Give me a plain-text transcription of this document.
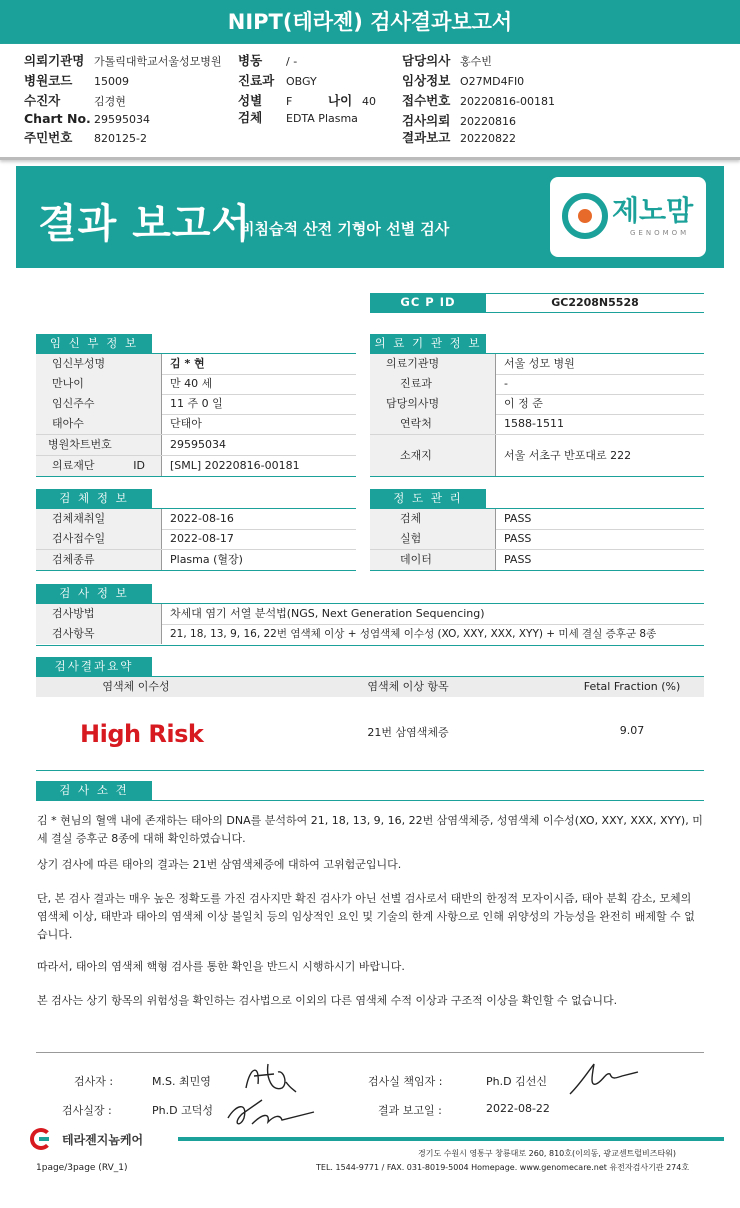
NIPT(테라젠) 검사결과보고서
의뢰기관명 가톨릭대학교서울성모병원 병동 / -	담당의사 홍수빈
병원코드 15009	진료과 OBGY	임상정보 O27MD4FI0
수진자	김경현	성별 F	나이 40 접수번호 20220816-00181
Chart No. 29595034	검체 EDTA Plasma	검사의뢰 20220816
주민번호 820125-2	결과보고 20220822
결과 보고서
비침습적 산전 기형아 선별 검사
제노맘
GENOMOM
GC P ID	GC2208N5528
임 신 부 정 보
임신부성명	김 * 현
만나이	만 40 세
임신주수	11 주 0 일
태아수	단태아
병원차트번호	29595034
의료재단 ID	[SML] 20220816-00181
의 료 기 관 정 보
의료기관명	서울 성모 병원
진료과	-
담당의사명	이 정 준
연락처	1588-1511
소재지	서울 서초구 반포대로 222
검 체 정 보
검체채취일	2022-08-16
검사접수일	2022-08-17
검체종류	Plasma (혈장)
정 도 관 리
검체	PASS
실험	PASS
데이터	PASS
검 사 정 보
검사방법	차세대 염기 서열 분석법(NGS, Next Generation Sequencing)
검사항목	21, 18, 13, 9, 16, 22번 염색체 이상 + 성염색체 이수성 (XO, XXY, XXX, XYY) + 미세 결실 증후군 8종
검사결과요약
염색체 이수성	염색체 이상 항목	Fetal Fraction (%)
High Risk	21번 삼염색체증	9.07
검 사 소 견
김 * 현님의 혈액 내에 존재하는 태아의 DNA를 분석하여 21, 18, 13, 9, 16, 22번 삼염색체증, 성염색체 이수성(XO, XXY, XXX, XYY), 미세 결실 증후군 8종에 대해 확인하였습니다.
상기 검사에 따른 태아의 결과는 21번 삼염색체증에 대하여 고위험군입니다.
단, 본 검사 결과는 매우 높은 정확도를 가진 검사지만 확진 검사가 아닌 선별 검사로서 태반의 한정적 모자이시즘, 태아 분획 감소, 모체의 염색체 이상, 태반과 태아의 염색체 이상 불일치 등의 임상적인 요인 및 기술의 한계 사항으로 인해 위양성의 가능성을 완전히 배제할 수 없습니다.
따라서, 태아의 염색체 핵형 검사를 통한 확인을 반드시 시행하시기 바랍니다.
본 검사는 상기 항목의 위험성을 확인하는 검사법으로 이외의 다른 염색체 수적 이상과 구조적 이상을 확인할 수 없습니다.
검사자 :	M.S. 최민영	검사실 책임자 :	Ph.D 김선신
검사실장 :	Ph.D 고덕성	결과 보고일 :	2022-08-22
테라젠지놈케어
경기도 수원시 영통구 창룡대로 260, 810호(이의동, 광교센트럴비즈타워)
TEL. 1544-9771 / FAX. 031-8019-5004 Homepage. www.genomecare.net 유전자검사기관 274호
1page/3page (RV_1)
